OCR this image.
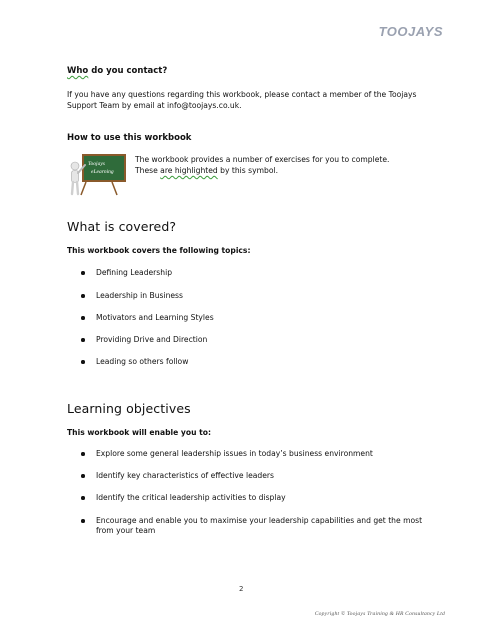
TOOJAYS
Who do you contact?
If you have any questions regarding this workbook, please contact a member of the Toojays
Support Team by email at info@toojays.co.uk.
How to use this workbook
Toojays
eLearning
The workbook provides a number of exercises for you to complete.
These are highlighted by this symbol.
What is covered?
This workbook covers the following topics:
Defining Leadership
Leadership in Business
Motivators and Learning Styles
Providing Drive and Direction
Leading so others follow
Learning objectives
This workbook will enable you to:
Explore some general leadership issues in today’s business environment
Identify key characteristics of effective leaders
Identify the critical leadership activities to display
Encourage and enable you to maximise your leadership capabilities and get the most
from your team
2
Copyright © Toojays Training & HR Consultancy Ltd
